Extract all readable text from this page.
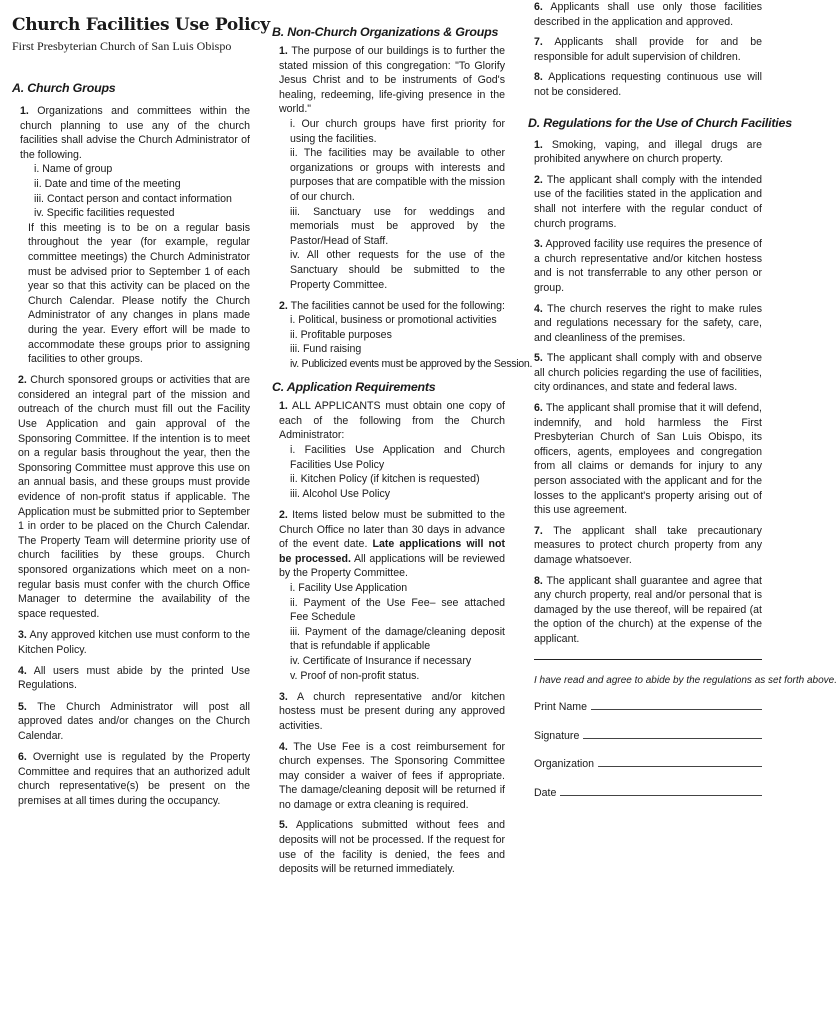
Church Facilities Use Policy
First Presbyterian Church of San Luis Obispo
A. Church Groups
1. Organizations and committees within the church planning to use any of the church facilities shall advise the Church Administrator of the following.
i. Name of group
ii. Date and time of the meeting
iii. Contact person and contact information
iv. Specific facilities requested
If this meeting is to be on a regular basis throughout the year (for example, regular committee meetings) the Church Administrator must be advised prior to September 1 of each year so that this activity can be placed on the Church Calendar. Please notify the Church Administrator of any changes in plans made during the year. Every effort will be made to accommodate these groups prior to assigning facilities to other groups.

2. Church sponsored groups or activities that are considered an integral part of the mission and outreach of the church must fill out the Facility Use Application and gain approval of the Sponsoring Committee. If the intention is to meet on a regular basis throughout the year, then the Sponsoring Committee must approve this use on an annual basis, and these groups must provide evidence of non-profit status if applicable. The Application must be submitted prior to September 1 in order to be placed on the Church Calendar. The Property Team will determine priority use of church facilities by these groups. Church sponsored organizations which meet on a non-regular basis must confer with the church Office Manager to determine the availability of the space requested.

3. Any approved kitchen use must conform to the Kitchen Policy.

4. All users must abide by the printed Use Regulations.

5. The Church Administrator will post all approved dates and/or changes on the Church Calendar.

6. Overnight use is regulated by the Property Committee and requires that an authorized adult church representative(s) be present on the premises at all times during the occupancy.

B. Non-Church Organizations & Groups
1. The purpose of our buildings is to further the stated mission of this congregation: "To Glorify Jesus Christ and to be instruments of God's healing, redeeming, life-giving presence in the world."
i. Our church groups have first priority for using the facilities.
ii. The facilities may be available to other organizations or groups with interests and purposes that are compatible with the mission of our church.
iii. Sanctuary use for weddings and memorials must be approved by the Pastor/Head of Staff.
iv. All other requests for the use of the Sanctuary should be submitted to the Property Committee.
2. The facilities cannot be used for the following:
i. Political, business or promotional activities
ii. Profitable purposes
iii. Fund raising
iv. Publicized events must be approved by the Session.
C. Application Requirements
1. ALL APPLICANTS must obtain one copy of each of the following from the Church Administrator:
i. Facilities Use Application and Church Facilities Use Policy
ii. Kitchen Policy (if kitchen is requested)
iii. Alcohol Use Policy
2. Items listed below must be submitted to the Church Office no later than 30 days in advance of the event date. Late applications will not be processed. All applications will be reviewed by the Property Committee.
i. Facility Use Application
ii. Payment of the Use Fee– see attached Fee Schedule
iii. Payment of the damage/cleaning deposit that is refundable if applicable
iv. Certificate of Insurance if necessary
v. Proof of non-profit status.

3. A church representative and/or kitchen hostess must be present during any approved activities.

4. The Use Fee is a cost reimbursement for church expenses. The Sponsoring Committee may consider a waiver of fees if appropriate. The damage/cleaning deposit will be returned if no damage or extra cleaning is required.

5. Applications submitted without fees and deposits will not be processed. If the request for use of the facility is denied, the fees and deposits will be returned immediately.

6. Applicants shall use only those facilities described in the application and approved.

7. Applicants shall provide for and be responsible for adult supervision of children.

8. Applications requesting continuous use will not be considered.

D. Regulations for the Use of Church Facilities

1. Smoking, vaping, and illegal drugs are prohibited anywhere on church property.

2. The applicant shall comply with the intended use of the facilities stated in the application and shall not interfere with the regular conduct of church programs.

3. Approved facility use requires the presence of a church representative and/or kitchen hostess and is not transferrable to any other person or group.

4. The church reserves the right to make rules and regulations necessary for the safety, care, and cleanliness of the premises.

5. The applicant shall comply with and observe all church policies regarding the use of facilities, city ordinances, and state and federal laws.

6. The applicant shall promise that it will defend, indemnify, and hold harmless the First Presbyterian Church of San Luis Obispo, its officers, agents, employees and congregation from all claims or demands for injury to any person associated with the applicant and for the losses to the applicant's property arising out of this use agreement.

7. The applicant shall take precautionary measures to protect church property from any damage whatsoever.

8. The applicant shall guarantee and agree that any church property, real and/or personal that is damaged by the use thereof, will be repaired (at the option of the church) at the expense of the applicant.

I have read and agree to abide by the regulations as set forth above.
Print Name
Signature
Organization
Date
